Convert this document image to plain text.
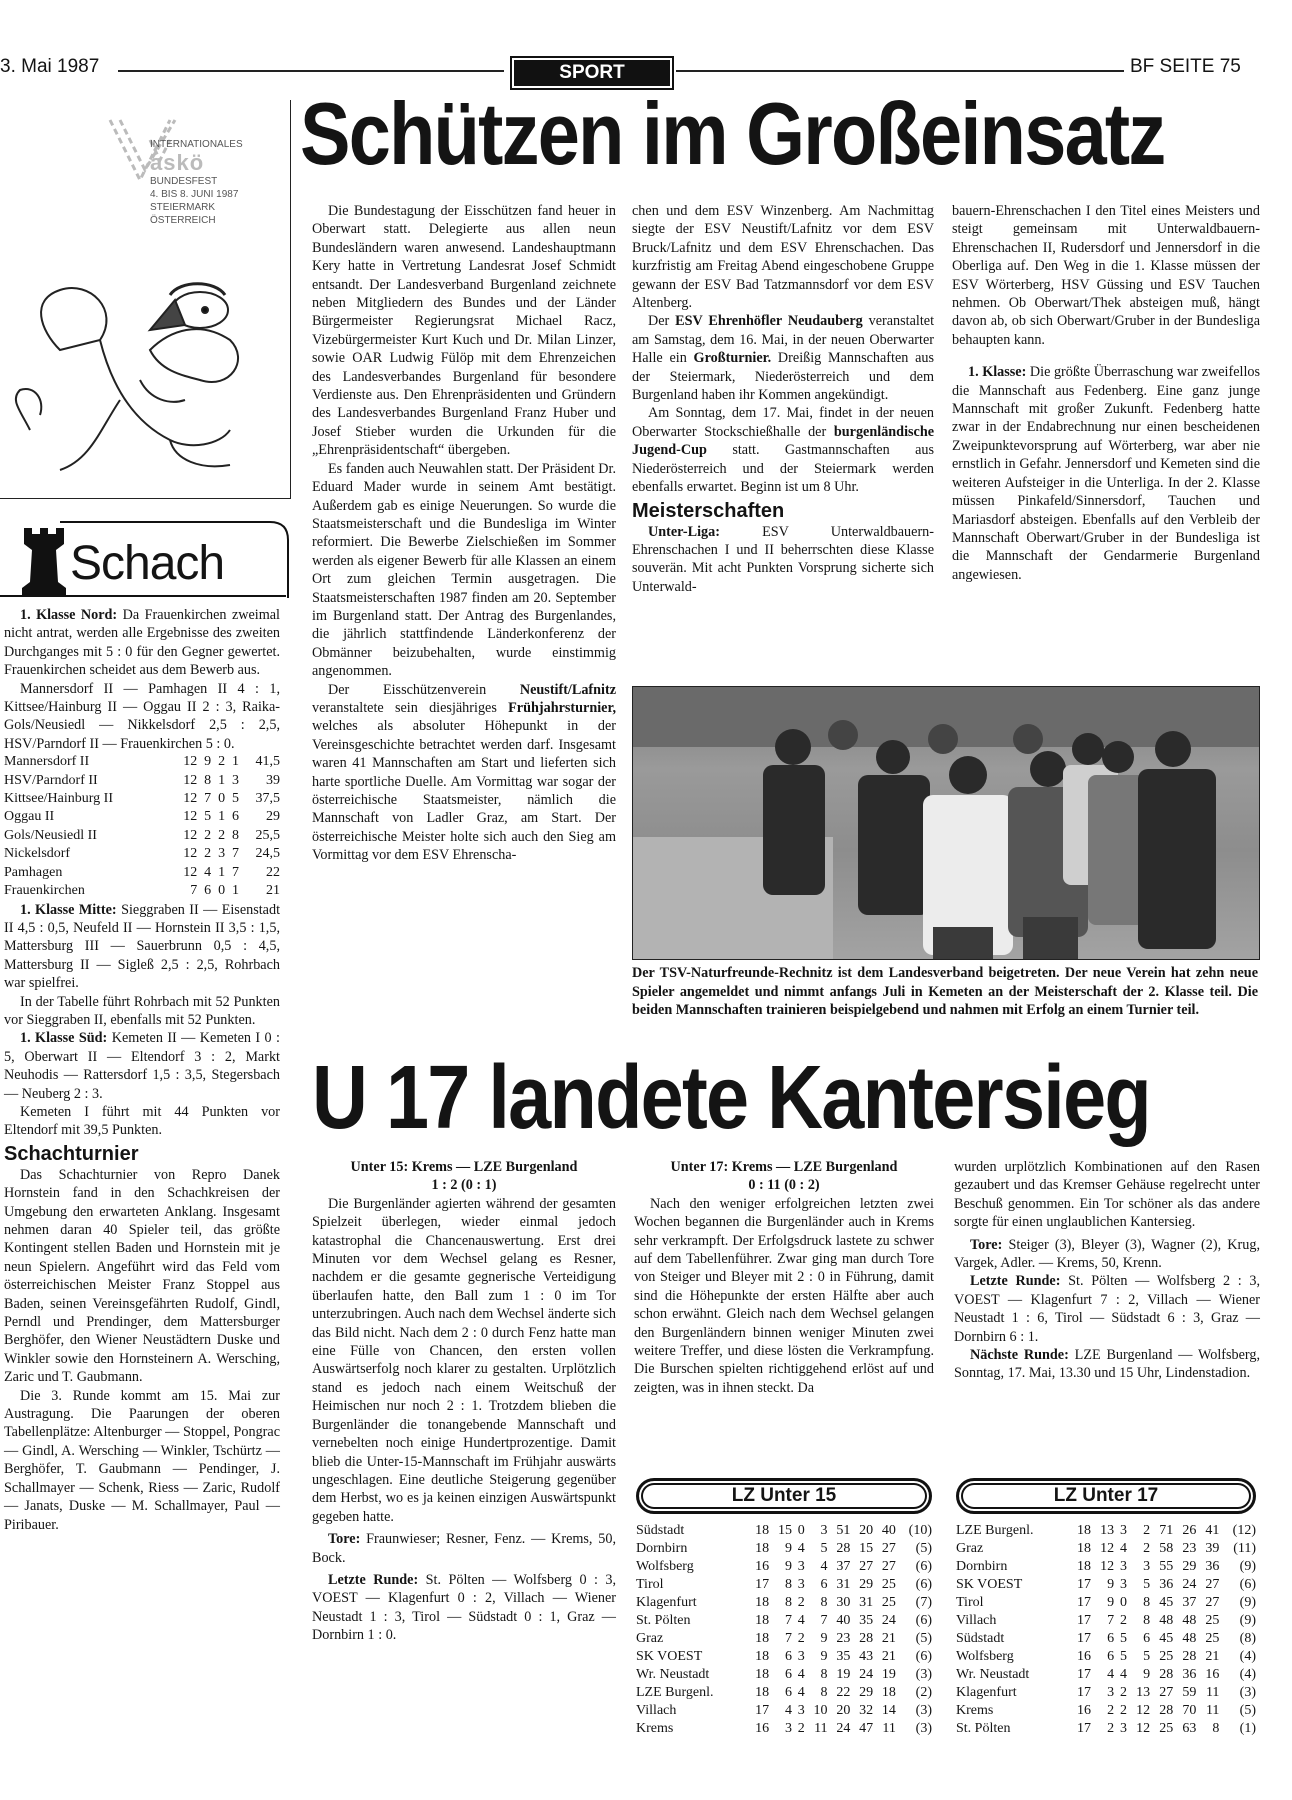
3. Mai 1987	SPORT	BF SEITE 75
INTERNATIONALES
askö
BUNDESFEST
4. BIS 8. JUNI 1987
STEIERMARK
ÖSTERREICH
Schach

1. Klasse Nord: Da Frauenkirchen zweimal nicht antrat, werden alle Ergebnisse des zweiten Durchganges mit 5 : 0 für den Gegner gewertet. Frauenkirchen scheidet aus dem Bewerb aus.

Mannersdorf II — Pamhagen II 4 : 1, Kittsee/Hainburg II — Oggau II 2 : 3, Raika-Gols/Neusiedl — Nikkelsdorf 2,5 : 2,5, HSV/Parndorf II — Frauenkirchen 5 : 0.

Mannersdorf II	12	9	2	1	41,5
HSV/Parndorf II	12	8	1	3	39
Kittsee/Hainburg II	12	7	0	5	37,5
Oggau II	12	5	1	6	29
Gols/Neusiedl II	12	2	2	8	25,5
Nickelsdorf	12	2	3	7	24,5
Pamhagen	12	4	1	7	22
Frauenkirchen	7	6	0	1	21

1. Klasse Mitte: Sieggraben II — Eisenstadt II 4,5 : 0,5, Neufeld II — Hornstein II 3,5 : 1,5, Mattersburg III — Sauerbrunn 0,5 : 4,5, Mattersburg II — Sigleß 2,5 : 2,5, Rohrbach war spielfrei.

In der Tabelle führt Rohrbach mit 52 Punkten vor Sieggraben II, ebenfalls mit 52 Punkten.

1. Klasse Süd: Kemeten II — Kemeten I 0 : 5, Oberwart II — Eltendorf 3 : 2, Markt Neuhodis — Rattersdorf 1,5 : 3,5, Stegersbach — Neuberg 2 : 3.

Kemeten I führt mit 44 Punkten vor Eltendorf mit 39,5 Punkten.

Schachturnier

Das Schachturnier von Repro Danek Hornstein fand in den Schachkreisen der Umgebung den erwarteten Anklang. Insgesamt nehmen daran 40 Spieler teil, das größte Kontingent stellen Baden und Hornstein mit je neun Spielern. Angeführt wird das Feld vom österreichischen Meister Franz Stoppel aus Baden, seinen Vereinsgefährten Rudolf, Gindl, Perndl und Prendinger, dem Mattersburger Berghöfer, den Wiener Neustädtern Duske und Winkler sowie den Hornsteinern A. Wersching, Zaric und T. Gaubmann.

Die 3. Runde kommt am 15. Mai zur Austragung. Die Paarungen der oberen Tabellenplätze: Altenburger — Stoppel, Pongrac — Gindl, A. Wersching — Winkler, Tschürtz — Berghöfer, T. Gaubmann — Pendinger, J. Schallmayer — Schenk, Riess — Zaric, Rudolf — Janats, Duske — M. Schallmayer, Paul — Piribauer.

Schützen im Großeinsatz

Die Bundestagung der Eisschützen fand heuer in Oberwart statt. Delegierte aus allen neun Bundesländern waren anwesend. Landeshauptmann Kery hatte in Vertretung Landesrat Josef Schmidt entsandt. Der Landesverband Burgenland zeichnete neben Mitgliedern des Bundes und der Länder Bürgermeister Regierungsrat Michael Racz, Vizebürgermeister Kurt Kuch und Dr. Milan Linzer, sowie OAR Ludwig Fülöp mit dem Ehrenzeichen des Landesverbandes Burgenland für besondere Verdienste aus. Den Ehrenpräsidenten und Gründern des Landesverbandes Burgenland Franz Huber und Josef Stieber wurden die Urkunden für die „Ehrenpräsidentschaft“ übergeben.

Es fanden auch Neuwahlen statt. Der Präsident Dr. Eduard Mader wurde in seinem Amt bestätigt. Außerdem gab es einige Neuerungen. So wurde die Staatsmeisterschaft und die Bundesliga im Winter reformiert. Die Bewerbe Zielschießen im Sommer werden als eigener Bewerb für alle Klassen an einem Ort zum gleichen Termin ausgetragen. Die Staatsmeisterschaften 1987 finden am 20. September im Burgenland statt. Der Antrag des Burgenlandes, die jährlich stattfindende Länderkonferenz der Obmänner beizubehalten, wurde einstimmig angenommen.

Der Eisschützenverein Neustift/Lafnitz veranstaltete sein diesjähriges Frühjahrsturnier, welches als absoluter Höhepunkt in der Vereinsgeschichte betrachtet werden darf. Insgesamt waren 41 Mannschaften am Start und lieferten sich harte sportliche Duelle. Am Vormittag war sogar der österreichische Staatsmeister, nämlich die Mannschaft von Ladler Graz, am Start. Der österreichische Meister holte sich auch den Sieg am Vormittag vor dem ESV Ehrenscha-

chen und dem ESV Winzenberg. Am Nachmittag siegte der ESV Neustift/Lafnitz vor dem ESV Bruck/Lafnitz und dem ESV Ehrenschachen. Das kurzfristig am Freitag Abend eingeschobene Gruppe gewann der ESV Bad Tatzmannsdorf vor dem ESV Altenberg.

Der ESV Ehrenhöfler Neudauberg veranstaltet am Samstag, dem 16. Mai, in der neuen Oberwarter Halle ein Großturnier. Dreißig Mannschaften aus der Steiermark, Niederösterreich und dem Burgenland haben ihr Kommen angekündigt.

Am Sonntag, dem 17. Mai, findet in der neuen Oberwarter Stockschießhalle der burgenländische Jugend-Cup statt. Gastmannschaften aus Niederösterreich und der Steiermark werden ebenfalls erwartet. Beginn ist um 8 Uhr.

Meisterschaften

Unter-Liga:	ESV Unterwaldbauern-Ehrenschachen I und II beherrschten diese Klasse souverän. Mit acht Punkten Vorsprung sicherte sich Unterwald-

bauern-Ehrenschachen I den Titel eines Meisters und steigt gemeinsam mit Unterwaldbauern-Ehrenschachen II, Rudersdorf und Jennersdorf in die Oberliga auf. Den Weg in die 1. Klasse müssen der ESV Wörterberg, HSV Güssing und ESV Tauchen nehmen. Ob Oberwart/Thek absteigen muß, hängt davon ab, ob sich Oberwart/Gruber in der Bundesliga behaupten kann.

1. Klasse: Die größte Überraschung war zweifellos die Mannschaft aus Fedenberg. Eine ganz junge Mannschaft mit großer Zukunft. Fedenberg hatte zwar in der Endabrechnung nur einen bescheidenen Zweipunktevorsprung auf Wörterberg, war aber nie ernstlich in Gefahr. Jennersdorf und Kemeten sind die weiteren Aufsteiger in die Unterliga. In der 2. Klasse müssen Pinkafeld/Sinnersdorf, Tauchen und Mariasdorf absteigen. Ebenfalls auf den Verbleib der Mannschaft Oberwart/Gruber in der Bundesliga ist die Mannschaft der Gendarmerie Burgenland angewiesen.

Der TSV-Naturfreunde-Rechnitz ist dem Landesverband beigetreten. Der neue Verein hat zehn neue Spieler angemeldet und nimmt anfangs Juli in Kemeten an der Meisterschaft der 2. Klasse teil. Die beiden Mannschaften trainieren beispielgebend und nahmen mit Erfolg an einem Turnier teil.
U 17 landete Kantersieg
Unter 15: Krems — LZE Burgenland
1 : 2 (0 : 1)

Die Burgenländer agierten während der gesamten Spielzeit überlegen, wieder einmal jedoch katastrophal die Chancenauswertung. Erst drei Minuten vor dem Wechsel gelang es Resner, nachdem er die gesamte gegnerische Verteidigung überlaufen hatte, den Ball zum 1 : 0 im Tor unterzubringen. Auch nach dem Wechsel änderte sich das Bild nicht. Nach dem 2 : 0 durch Fenz hatte man eine Fülle von Chancen, den ersten vollen Auswärtserfolg noch klarer zu gestalten. Urplötzlich stand es jedoch nach einem Weitschuß der Heimischen nur noch 2 : 1. Trotzdem blieben die Burgenländer die tonangebende Mannschaft und vernebelten noch einige Hundertprozentige. Damit blieb die Unter-15-Mannschaft im Frühjahr auswärts ungeschlagen. Eine deutliche Steigerung gegenüber dem Herbst, wo es ja keinen einzigen Auswärtspunkt gegeben hatte.

Tore: Fraunwieser; Resner, Fenz. — Krems, 50, Bock.

Letzte Runde: St. Pölten — Wolfsberg 0 : 3, VOEST — Klagenfurt 0 : 2, Villach — Wiener Neustadt 1 : 3, Tirol — Südstadt 0 : 1, Graz — Dornbirn 1 : 0.

Unter 17: Krems — LZE Burgenland
0 : 11 (0 : 2)

Nach den weniger erfolgreichen letzten zwei Wochen begannen die Burgenländer auch in Krems sehr verkrampft. Der Erfolgsdruck lastete zu schwer auf dem Tabellenführer. Zwar ging man durch Tore von Steiger und Bleyer mit 2 : 0 in Führung, damit sind die Höhepunkte der ersten Hälfte aber auch schon erwähnt. Gleich nach dem Wechsel gelangen den Burgenländern binnen weniger Minuten zwei weitere Treffer, und diese lösten die Verkrampfung. Die Burschen spielten richtiggehend erlöst auf und zeigten, was in ihnen steckt. Da

wurden urplötzlich Kombinationen auf den Rasen gezaubert und das Kremser Gehäuse regelrecht unter Beschuß genommen. Ein Tor schöner als das andere sorgte für einen unglaublichen Kantersieg.

Tore: Steiger (3), Bleyer (3), Wagner (2), Krug, Vargek, Adler. — Krems, 50, Krenn.

Letzte Runde: St. Pölten — Wolfsberg 2 : 3, VOEST — Klagenfurt 7 : 2, Villach — Wiener Neustadt 1 : 6, Tirol — Südstadt 6 : 3, Graz — Dornbirn 6 : 1.

Nächste Runde: LZE Burgenland — Wolfsberg, Sonntag, 17. Mai, 13.30 und 15 Uhr, Lindenstadion.

LZ Unter 15
Südstadt	18	15	0	3	51	20	40	(10)
Dornbirn	18	9	4	5	28	15	27	(5)
Wolfsberg	16	9	3	4	37	27	27	(6)
Tirol	17	8	3	6	31	29	25	(6)
Klagenfurt	18	8	2	8	30	31	25	(7)
St. Pölten	18	7	4	7	40	35	24	(6)
Graz	18	7	2	9	23	28	21	(5)
SK VOEST	18	6	3	9	35	43	21	(6)
Wr. Neustadt	18	6	4	8	19	24	19	(3)
LZE Burgenl.	18	6	4	8	22	29	18	(2)
Villach	17	4	3	10	20	32	14	(3)
Krems	16	3	2	11	24	47	11	(3)
LZ Unter 17
LZE Burgenl.	18	13	3	2	71	26	41	(12)
Graz	18	12	4	2	58	23	39	(11)
Dornbirn	18	12	3	3	55	29	36	(9)
SK VOEST	17	9	3	5	36	24	27	(6)
Tirol	17	9	0	8	45	37	27	(9)
Villach	17	7	2	8	48	48	25	(9)
Südstadt	17	6	5	6	45	48	25	(8)
Wolfsberg	16	6	5	5	25	28	21	(4)
Wr. Neustadt	17	4	4	9	28	36	16	(4)
Klagenfurt	17	3	2	13	27	59	11	(3)
Krems	16	2	2	12	28	70	11	(5)
St. Pölten	17	2	3	12	25	63	8	(1)
